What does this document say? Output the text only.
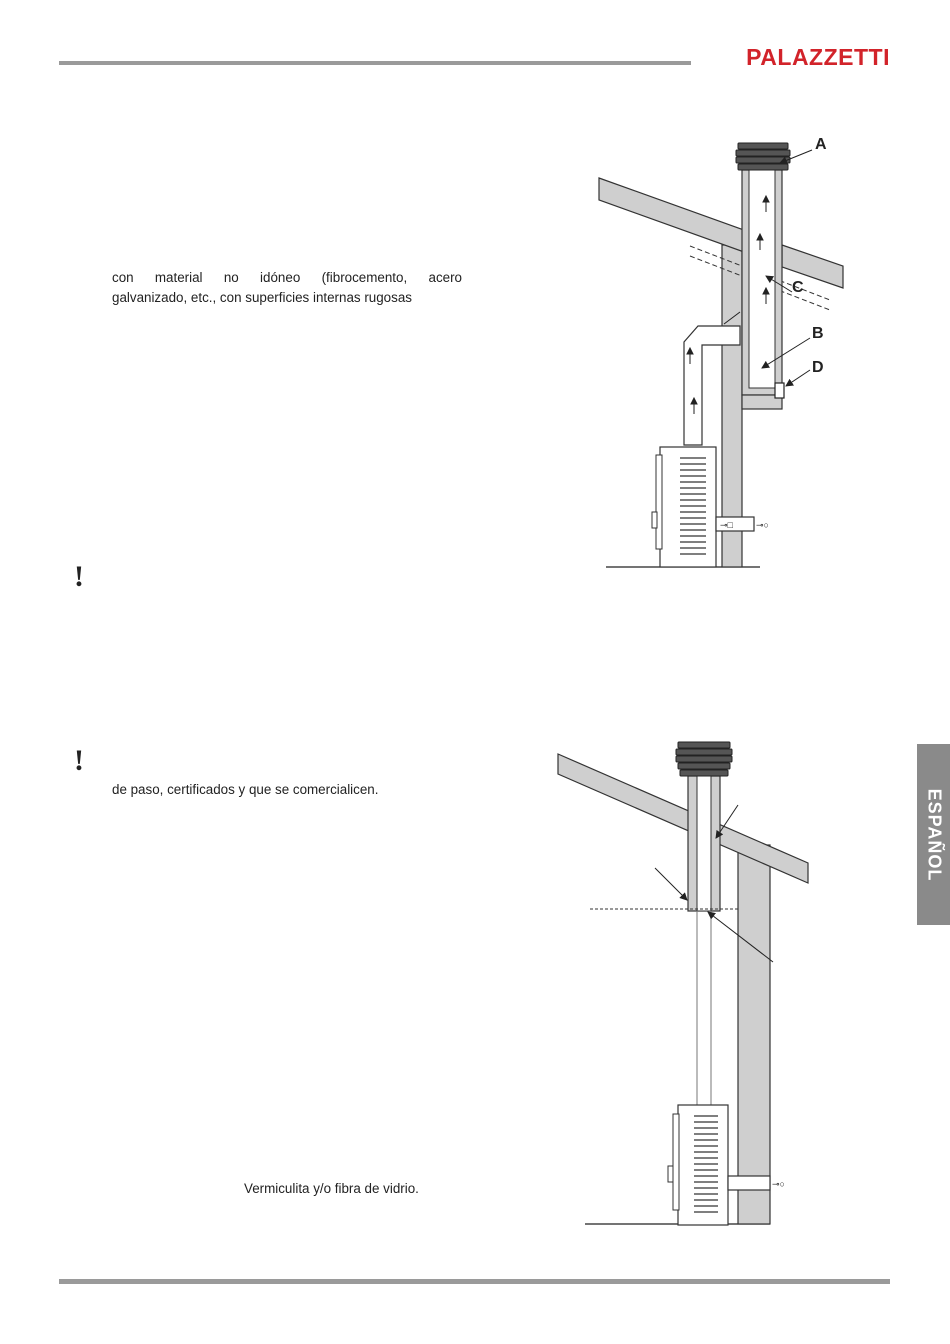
PALAZZETTI
con material no idóneo (fibrocemento, acero
galvanizado, etc., con superficies internas rugosas
!
!
de paso, certificados y que se comercialicen.
Vermiculita y/o fibra de vidrio.
ESPAÑOL
⊸□	⊸○
A
C
B
D
⊸○
